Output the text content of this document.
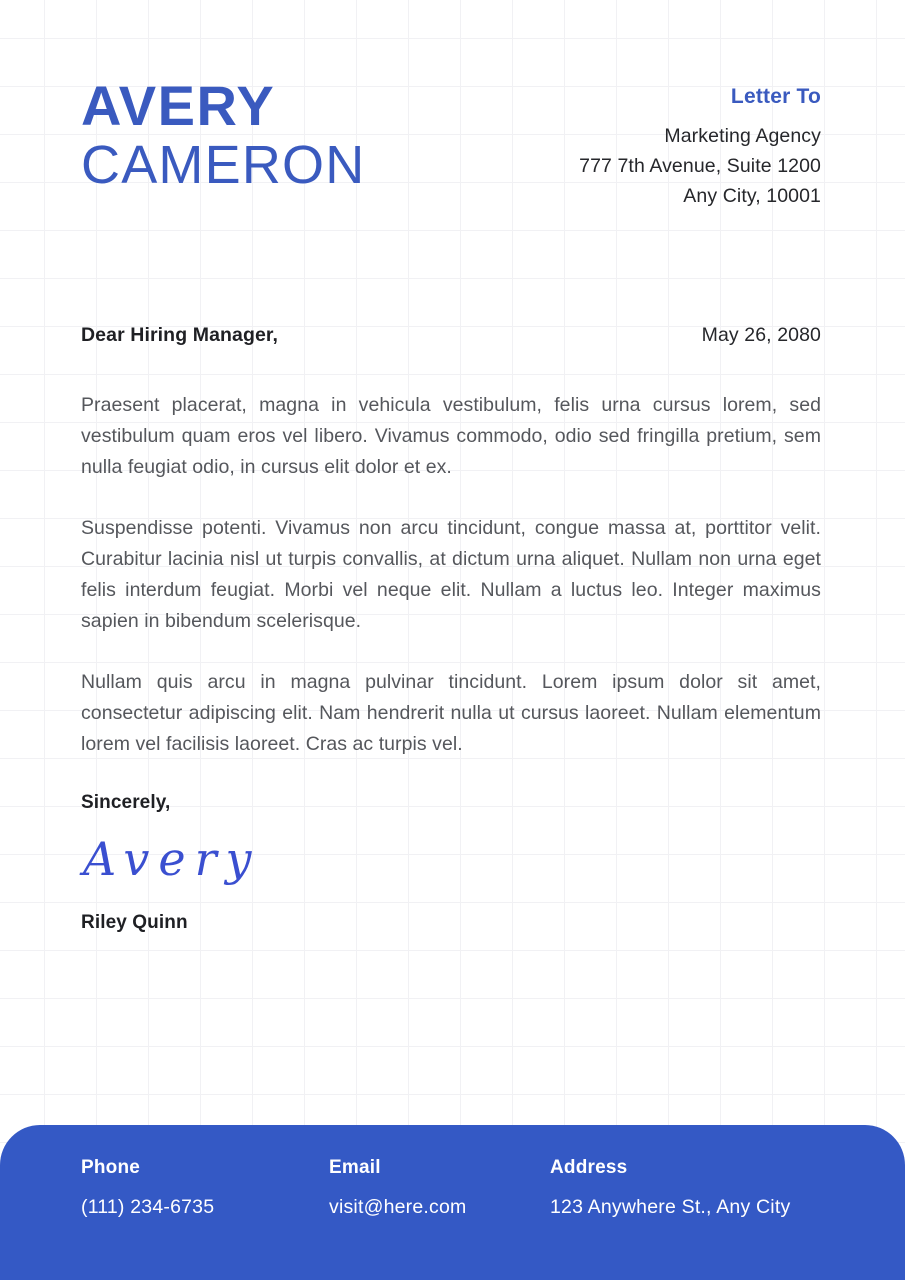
AVERY
CAMERON
Letter To
Marketing Agency
777 7th Avenue, Suite 1200
Any City, 10001
Dear Hiring Manager,	May 26, 2080

Praesent placerat, magna in vehicula vestibulum, felis urna cursus lorem, sed vestibulum quam eros vel libero. Vivamus commodo, odio sed fringilla pretium, sem nulla feugiat odio, in cursus elit dolor et ex.

Suspendisse potenti. Vivamus non arcu tincidunt, congue massa at, porttitor velit. Curabitur lacinia nisl ut turpis convallis, at dictum urna aliquet. Nullam non urna eget felis interdum feugiat. Morbi vel neque elit. Nullam a luctus leo. Integer maximus sapien in bibendum scelerisque.

Nullam quis arcu in magna pulvinar tincidunt. Lorem ipsum dolor sit amet, consectetur adipiscing elit. Nam hendrerit nulla ut cursus laoreet. Nullam elementum lorem vel facilisis laoreet. Cras ac turpis vel.

Sincerely,
Avery
Riley Quinn
Phone
(111) 234-6735
Email
visit@here.com
Address
123 Anywhere St., Any City
